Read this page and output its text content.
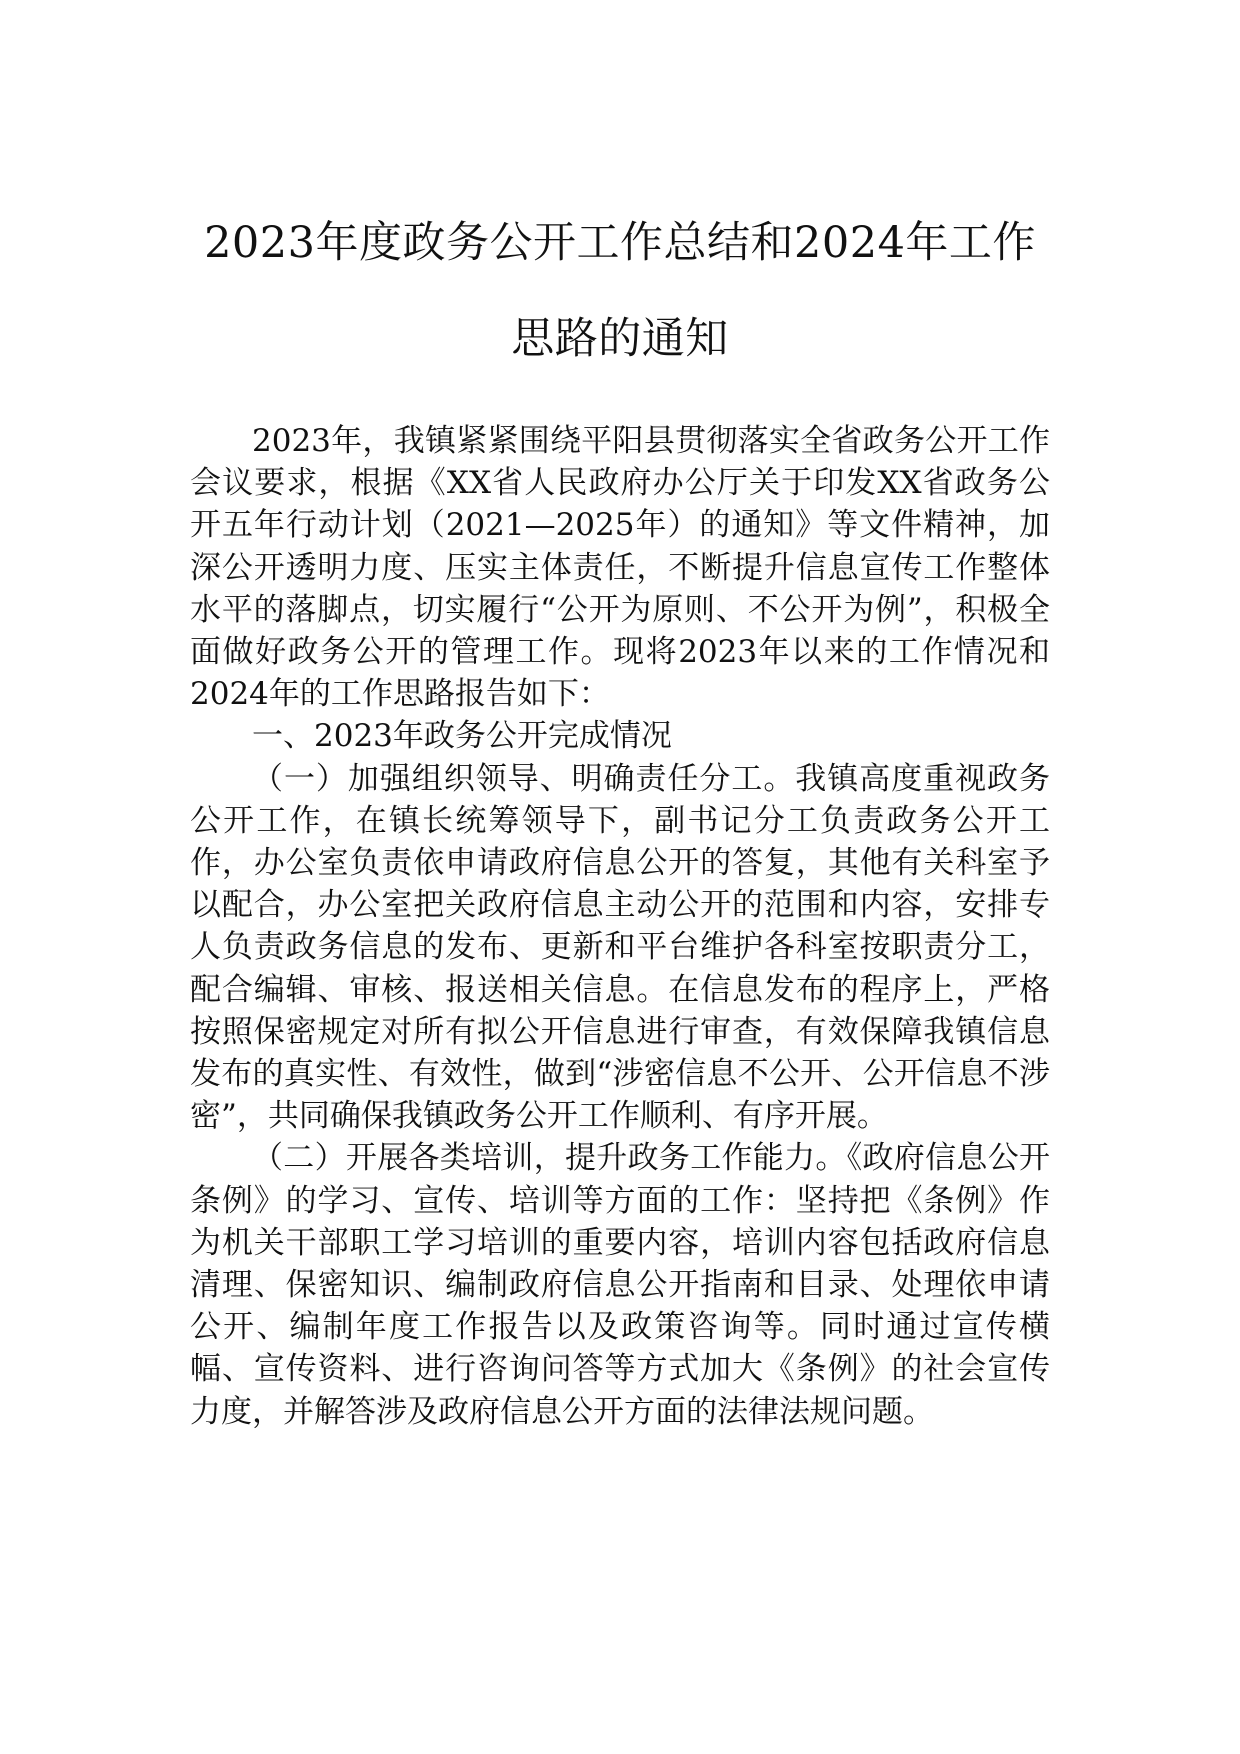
2023年度政务公开工作总结和2024年工作
思路的通知

2023年，我镇紧紧围绕平阳县贯彻落实全省政务公开工作会议要求，根据《XX省人民政府办公厅关于印发XX省政务公开五年行动计划（2021—2025年）的通知》等文件精神，加深公开透明力度、压实主体责任，不断提升信息宣传工作整体水平的落脚点，切实履行“公开为原则、不公开为例”，积极全面做好政务公开的管理工作。现将2023年以来的工作情况和2024年的工作思路报告如下：

一、2023年政务公开完成情况

（一）加强组织领导、明确责任分工。我镇高度重视政务公开工作，在镇长统筹领导下，副书记分工负责政务公开工作，办公室负责依申请政府信息公开的答复，其他有关科室予以配合，办公室把关政府信息主动公开的范围和内容，安排专人负责政务信息的发布、更新和平台维护各科室按职责分工，配合编辑、审核、报送相关信息。在信息发布的程序上，严格按照保密规定对所有拟公开信息进行审查，有效保障我镇信息发布的真实性、有效性，做到“涉密信息不公开、公开信息不涉密”，共同确保我镇政务公开工作顺利、有序开展。

（二）开展各类培训，提升政务工作能力。《政府信息公开条例》的学习、宣传、培训等方面的工作：坚持把《条例》作为机关干部职工学习培训的重要内容，培训内容包括政府信息清理、保密知识、编制政府信息公开指南和目录、处理依申请公开、编制年度工作报告以及政策咨询等。同时通过宣传横幅、宣传资料、进行咨询问答等方式加大《条例》的社会宣传力度，并解答涉及政府信息公开方面的法律法规问题。
